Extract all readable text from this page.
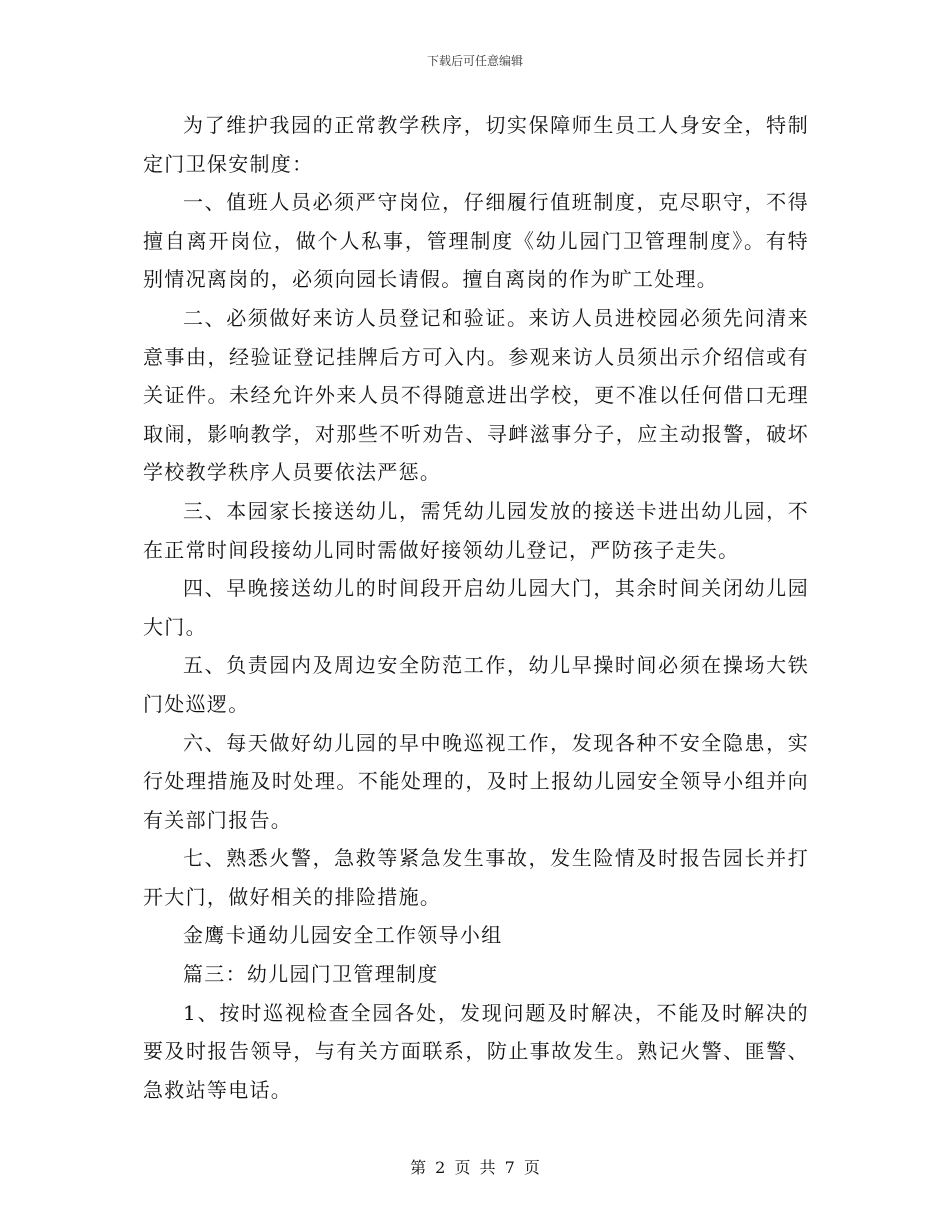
下载后可任意编辑

为了维护我园的正常教学秩序，切实保障师生员工人身安全，特制定门卫保安制度：

一、值班人员必须严守岗位，仔细履行值班制度，克尽职守，不得擅自离开岗位，做个人私事，管理制度《幼儿园门卫管理制度》。有特别情况离岗的，必须向园长请假。擅自离岗的作为旷工处理。

二、必须做好来访人员登记和验证。来访人员进校园必须先问清来意事由，经验证登记挂牌后方可入内。参观来访人员须出示介绍信或有关证件。未经允许外来人员不得随意进出学校，更不准以任何借口无理取闹，影响教学，对那些不听劝告、寻衅滋事分子，应主动报警，破坏学校教学秩序人员要依法严惩。

三、本园家长接送幼儿，需凭幼儿园发放的接送卡进出幼儿园，不在正常时间段接幼儿同时需做好接领幼儿登记，严防孩子走失。

四、早晚接送幼儿的时间段开启幼儿园大门，其余时间关闭幼儿园大门。

五、负责园内及周边安全防范工作，幼儿早操时间必须在操场大铁门处巡逻。

六、每天做好幼儿园的早中晚巡视工作，发现各种不安全隐患，实行处理措施及时处理。不能处理的，及时上报幼儿园安全领导小组并向有关部门报告。

七、熟悉火警，急救等紧急发生事故，发生险情及时报告园长并打开大门，做好相关的排险措施。

金鹰卡通幼儿园安全工作领导小组

篇三：幼儿园门卫管理制度

1、按时巡视检查全园各处，发现问题及时解决，不能及时解决的要及时报告领导，与有关方面联系，防止事故发生。熟记火警、匪警、急救站等电话。

第 2 页 共 7 页
